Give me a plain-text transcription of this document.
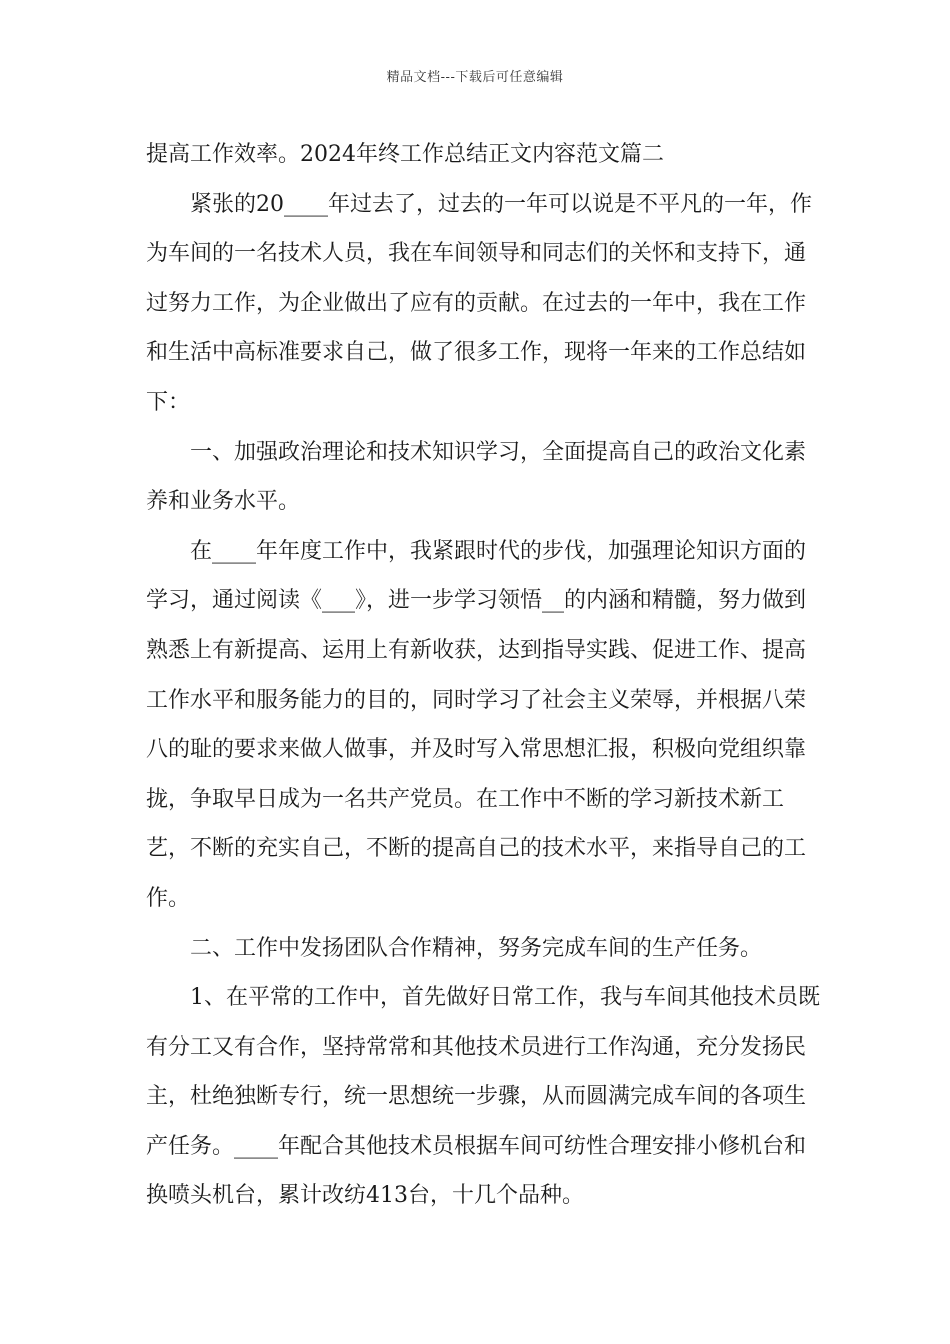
精品文档---下载后可任意编辑

提高工作效率。2024年终工作总结正文内容范文篇二

紧张的20____年过去了，过去的一年可以说是不平凡的一年，作为车间的一名技术人员，我在车间领导和同志们的关怀和支持下，通过努力工作，为企业做出了应有的贡献。在过去的一年中，我在工作和生活中高标准要求自己，做了很多工作，现将一年来的工作总结如下：

一、加强政治理论和技术知识学习，全面提高自己的政治文化素养和业务水平。

在____年年度工作中，我紧跟时代的步伐，加强理论知识方面的学习，通过阅读《___》，进一步学习领悟__的内涵和精髓，努力做到熟悉上有新提高、运用上有新收获，达到指导实践、促进工作、提高工作水平和服务能力的目的，同时学习了社会主义荣辱，并根据八荣八的耻的要求来做人做事，并及时写入常思想汇报，积极向党组织靠拢，争取早日成为一名共产党员。在工作中不断的学习新技术新工艺，不断的充实自己，不断的提高自己的技术水平，来指导自己的工作。

二、工作中发扬团队合作精神，努务完成车间的生产任务。

1、在平常的工作中，首先做好日常工作，我与车间其他技术员既有分工又有合作，坚持常常和其他技术员进行工作沟通，充分发扬民主，杜绝独断专行，统一思想统一步骤，从而圆满完成车间的各项生产任务。____年配合其他技术员根据车间可纺性合理安排小修机台和换喷头机台，累计改纺413台，十几个品种。
